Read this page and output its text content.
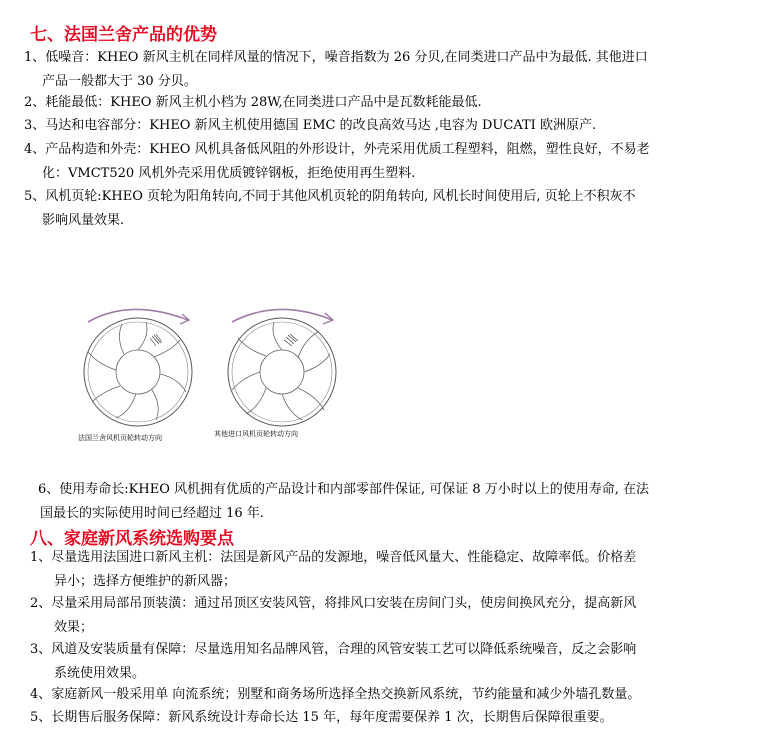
七、法国兰舍产品的优势
1、低噪音：KHEO 新风主机在同样风量的情况下，噪音指数为 26 分贝,在同类进口产品中为最低. 其他进口
产品一般都大于 30 分贝。
2、耗能最低：KHEO 新风主机小档为 28W,在同类进口产品中是瓦数耗能最低.
3、马达和电容部分：KHEO 新风主机使用德国 EMC 的改良高效马达 ,电容为 DUCATI 欧洲原产.
4、产品构造和外壳：KHEO 风机具备低风阻的外形设计，外壳采用优质工程塑料，阻燃，塑性良好，不易老
化：VMCT520 风机外壳采用优质镀锌钢板，拒绝使用再生塑料.
5、风机页轮:KHEO 页轮为阳角转向,不同于其他风机页轮的阴角转向, 风机长时间使用后, 页轮上不积灰不
影响风量效果.
法国兰舍风机页轮转动方向	其他进口风机页轮转动方向
6、使用寿命长:KHEO 风机拥有优质的产品设计和内部零部件保证, 可保证 8 万小时以上的使用寿命, 在法
国最长的实际使用时间已经超过 16 年.
八、家庭新风系统选购要点
1、尽量选用法国进口新风主机：法国是新风产品的发源地，噪音低风量大、性能稳定、故障率低。价格差
异小；选择方便维护的新风器；
2、尽量采用局部吊顶装潢：通过吊顶区安装风管，将排风口安装在房间门头，使房间换风充分，提高新风
效果；
3、风道及安装质量有保障：尽量选用知名品牌风管，合理的风管安装工艺可以降低系统噪音，反之会影响
系统使用效果。
4、家庭新风一般采用单 向流系统；别墅和商务场所选择全热交换新风系统，节约能量和减少外墙孔数量。
5、长期售后服务保障：新风系统设计寿命长达 15 年，每年度需要保养 1 次，长期售后保障很重要。
